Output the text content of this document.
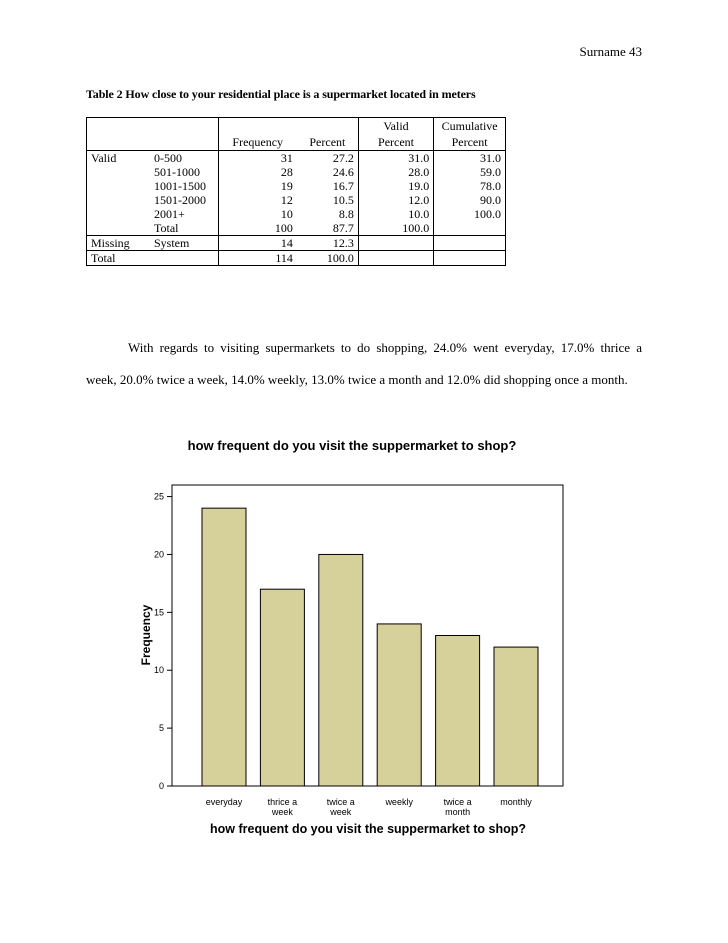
Surname 43
Table 2 How close to your residential place is a supermarket located in meters
				Valid	Cumulative
		Frequency	Percent	Percent	Percent
Valid	0-500	31	27.2	31.0	31.0
	501-1000	28	24.6	28.0	59.0
	1001-1500	19	16.7	19.0	78.0
	1501-2000	12	10.5	12.0	90.0
	2001+	10	8.8	10.0	100.0
	Total	100	87.7	100.0	
Missing	System	14	12.3		
Total		114	100.0		
With regards to visiting supermarkets to do shopping, 24.0% went everyday, 17.0% thrice a
week, 20.0% twice a week, 14.0% weekly, 13.0% twice a month and 12.0% did shopping once a month.
how frequent do you visit the suppermarket to shop?
0
5
10
15
20
25
everyday	thrice a week
twice a week
weekly	twice a month
monthly
Frequency
how frequent do you visit the suppermarket to shop?
